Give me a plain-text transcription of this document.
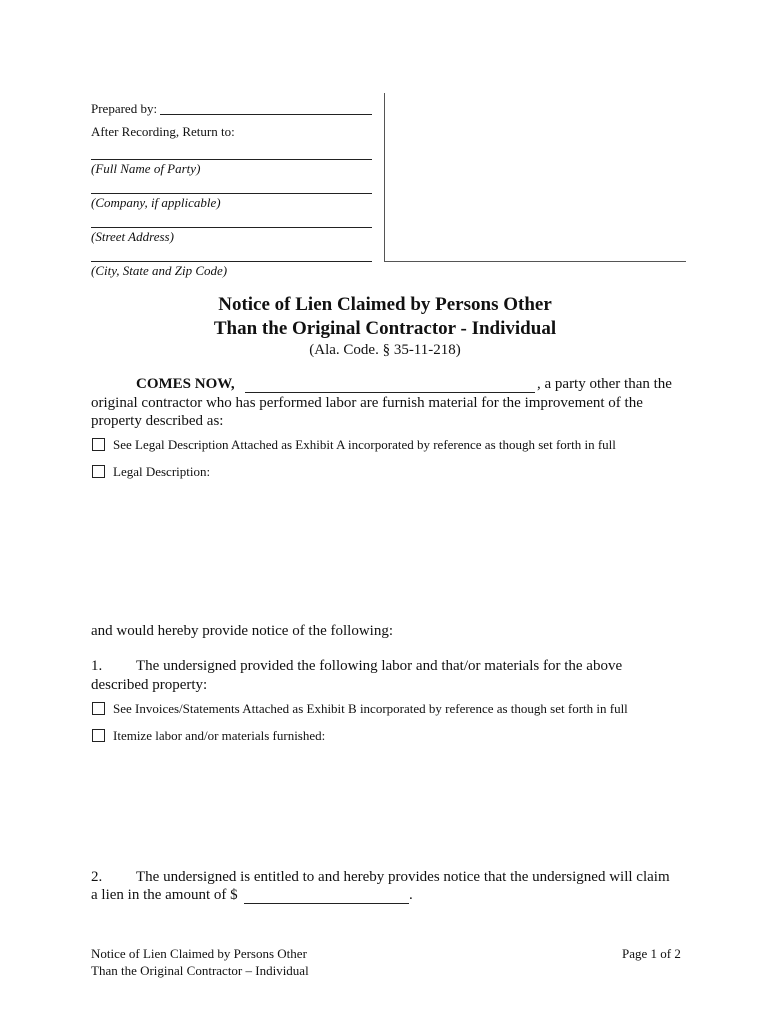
Prepared by:
After Recording, Return to:
(Full Name of Party)
(Company, if applicable)
(Street Address)
(City, State and Zip Code)
Notice of Lien Claimed by Persons Other
Than the Original Contractor - Individual
(Ala. Code. § 35-11-218)
COMES NOW,	, a party other than the
original contractor who has performed labor are furnish material for the improvement of the
property described as:
See Legal Description Attached as Exhibit A incorporated by reference as though set forth in full
Legal Description:
and would hereby provide notice of the following:
1. The undersigned provided the following labor and that/or materials for the above
described property:
See Invoices/Statements Attached as Exhibit B incorporated by reference as though set forth in full
Itemize labor and/or materials furnished:
2. The undersigned is entitled to and hereby provides notice that the undersigned will claim
a lien in the amount of $	.
Notice of Lien Claimed by Persons Other
Than the Original Contractor – Individual
Page 1 of 2
